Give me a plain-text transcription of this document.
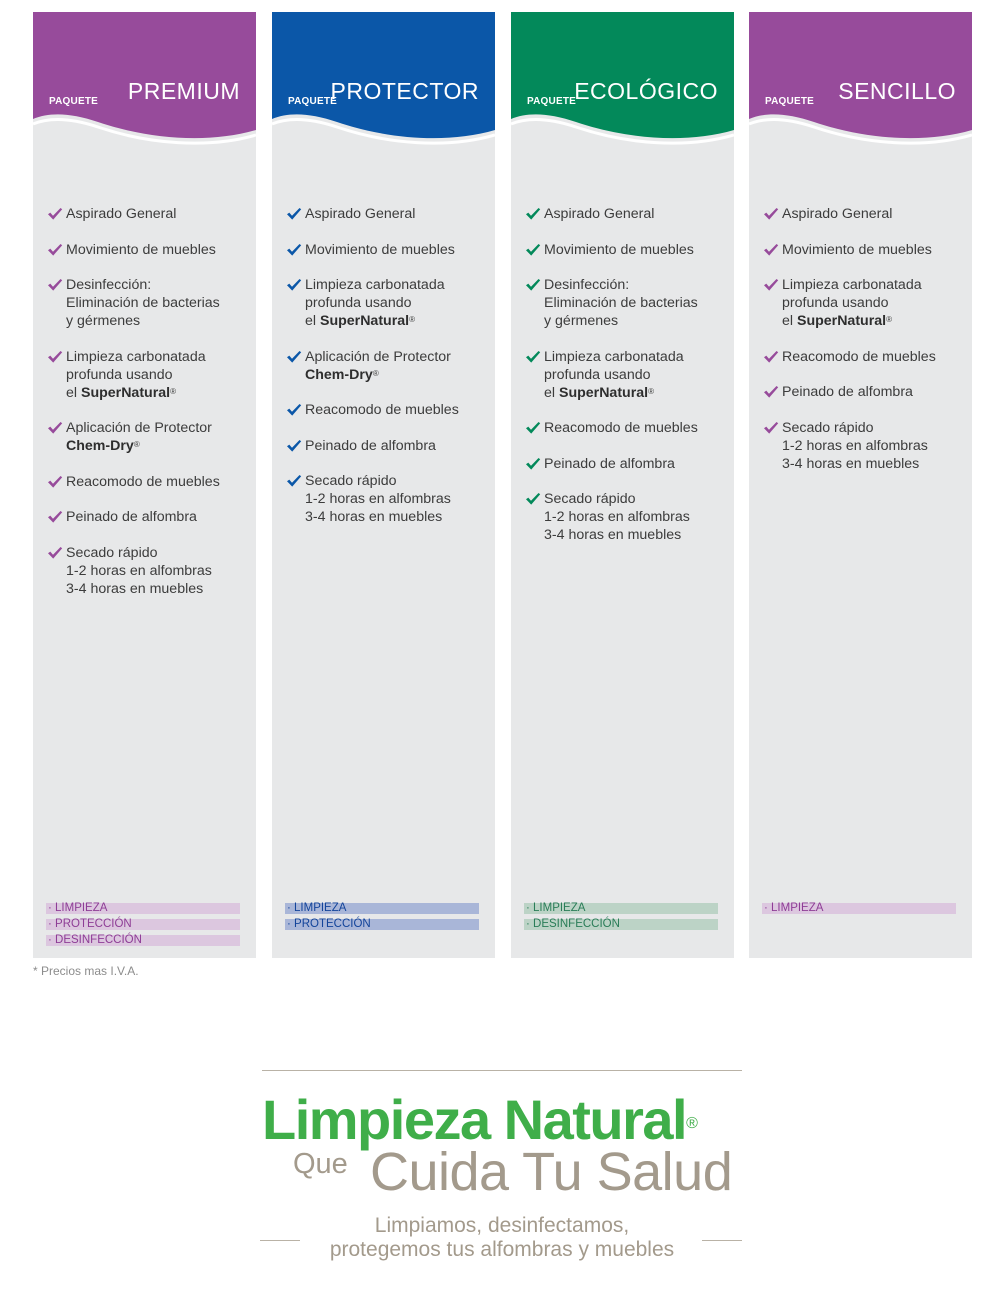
PAQUETE PREMIUM
Aspirado General
Movimiento de muebles
Desinfección:
Eliminación de bacterias
y gérmenes
Limpieza carbonatada
profunda usando
el SuperNatural®
Aplicación de Protector
Chem-Dry®
Reacomodo de muebles
Peinado de alfombra
Secado rápido
1-2 horas en alfombras
3-4 horas en muebles
· LIMPIEZA
· PROTECCIÓN
· DESINFECCIÓN
PAQUETE
PROTECTOR
Aspirado General
Movimiento de muebles
Limpieza carbonatada
profunda usando
el SuperNatural®
Aplicación de Protector
Chem-Dry®
Reacomodo de muebles
Peinado de alfombra
Secado rápido
1-2 horas en alfombras
3-4 horas en muebles
· LIMPIEZA
· PROTECCIÓN
PAQUETE
ECOLÓGICO
Aspirado General
Movimiento de muebles
Desinfección:
Eliminación de bacterias
y gérmenes
Limpieza carbonatada
profunda usando
el SuperNatural®
Reacomodo de muebles
Peinado de alfombra
Secado rápido
1-2 horas en alfombras
3-4 horas en muebles
· LIMPIEZA
· DESINFECCIÓN
PAQUETE SENCILLO
Aspirado General
Movimiento de muebles
Limpieza carbonatada
profunda usando
el SuperNatural®
Reacomodo de muebles
Peinado de alfombra
Secado rápido
1-2 horas en alfombras
3-4 horas en muebles
· LIMPIEZA
* Precios mas I.V.A.
Limpieza Natural®
Que Cuida Tu Salud
Limpiamos, desinfectamos,
protegemos tus alfombras y muebles
